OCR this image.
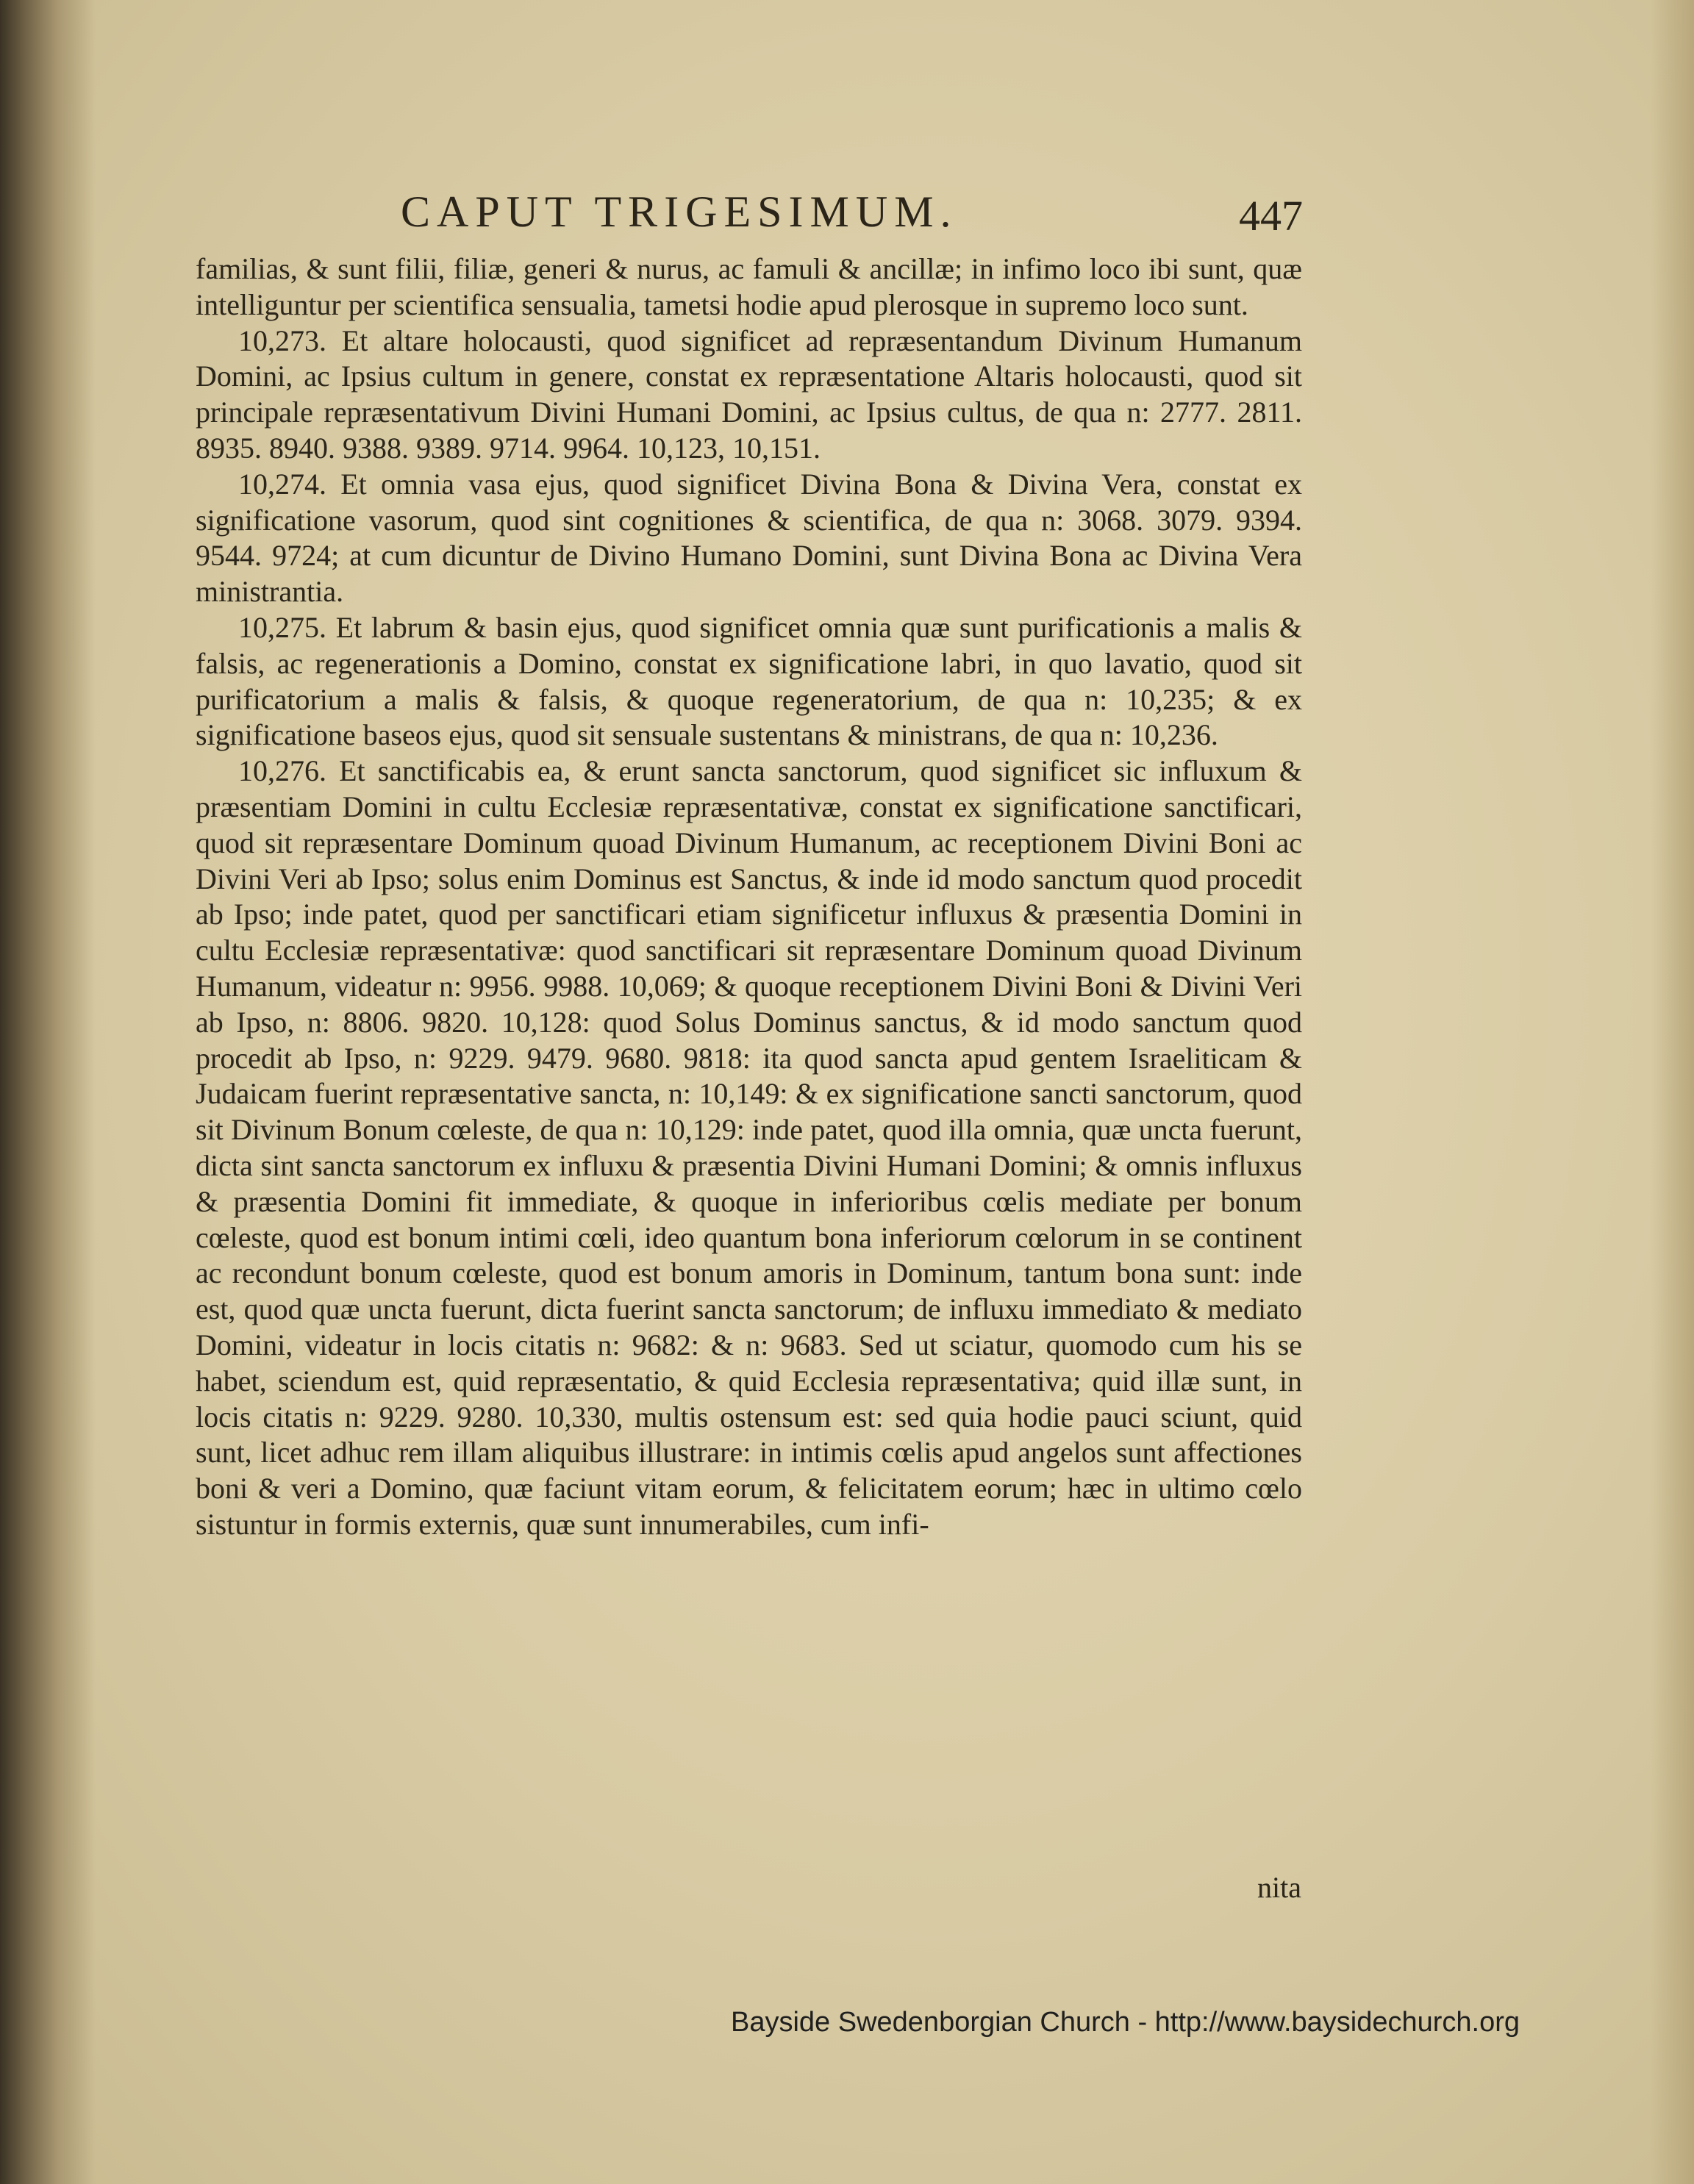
CAPUT TRIGESIMUM.	447

familias, & sunt filii, filiæ, generi & nurus, ac famuli & ancillæ; in infimo loco ibi sunt, quæ intelliguntur per scientifica sensualia, tametsi hodie apud plerosque in supremo loco sunt.

10,273. Et altare holocausti, quod significet ad repræsentandum Divinum Humanum Domini, ac Ipsius cultum in genere, constat ex repræsentatione Altaris holocausti, quod sit principale repræsentativum Divini Humani Domini, ac Ipsius cultus, de qua n: 2777. 2811. 8935. 8940. 9388. 9389. 9714. 9964. 10,123, 10,151.

10,274. Et omnia vasa ejus, quod significet Divina Bona & Divina Vera, constat ex significatione vasorum, quod sint cognitiones & scientifica, de qua n: 3068. 3079. 9394. 9544. 9724; at cum dicuntur de Divino Humano Domini, sunt Divina Bona ac Divina Vera ministrantia.

10,275. Et labrum & basin ejus, quod significet omnia quæ sunt purificationis a malis & falsis, ac regenerationis a Domino, constat ex significatione labri, in quo lavatio, quod sit purificatorium a malis & falsis, & quoque regeneratorium, de qua n: 10,235; & ex significatione baseos ejus, quod sit sensuale sustentans & ministrans, de qua n: 10,236.

10,276. Et sanctificabis ea, & erunt sancta sanctorum, quod significet sic influxum & præsentiam Domini in cultu Ecclesiæ repræsentativæ, constat ex significatione sanctificari, quod sit repræsentare Dominum quoad Divinum Humanum, ac receptionem Divini Boni ac Divini Veri ab Ipso; solus enim Dominus est Sanctus, & inde id modo sanctum quod procedit ab Ipso; inde patet, quod per sanctificari etiam significetur influxus & præsentia Domini in cultu Ecclesiæ repræsentativæ: quod sanctificari sit repræsentare Dominum quoad Divinum Humanum, videatur n: 9956. 9988. 10,069; & quoque receptionem Divini Boni & Divini Veri ab Ipso, n: 8806. 9820. 10,128: quod Solus Dominus sanctus, & id modo sanctum quod procedit ab Ipso, n: 9229. 9479. 9680. 9818: ita quod sancta apud gentem Israeliticam & Judaicam fuerint repræsentative sancta, n: 10,149: & ex significatione sancti sanctorum, quod sit Divinum Bonum cœleste, de qua n: 10,129: inde patet, quod illa omnia, quæ uncta fuerunt, dicta sint sancta sanctorum ex influxu & præsentia Divini Humani Domini; & omnis influxus & præsentia Domini fit immediate, & quoque in inferioribus cœlis mediate per bonum cœleste, quod est bonum intimi cœli, ideo quantum bona inferiorum cœlorum in se continent ac recondunt bonum cœleste, quod est bonum amoris in Dominum, tantum bona sunt: inde est, quod quæ uncta fuerunt, dicta fuerint sancta sanctorum; de influxu immediato & mediato Domini, videatur in locis citatis n: 9682: & n: 9683. Sed ut sciatur, quomodo cum his se habet, sciendum est, quid repræsentatio, & quid Ecclesia repræsentativa; quid illæ sunt, in locis citatis n: 9229. 9280. 10,330, multis ostensum est: sed quia hodie pauci sciunt, quid sunt, licet adhuc rem illam aliquibus illustrare: in intimis cœlis apud angelos sunt affectiones boni & veri a Domino, quæ faciunt vitam eorum, & felicitatem eorum; hæc in ultimo cœlo sistuntur in formis externis, quæ sunt innumerabiles, cum infi-

nita
Bayside Swedenborgian Church - http://www.baysidechurch.org
